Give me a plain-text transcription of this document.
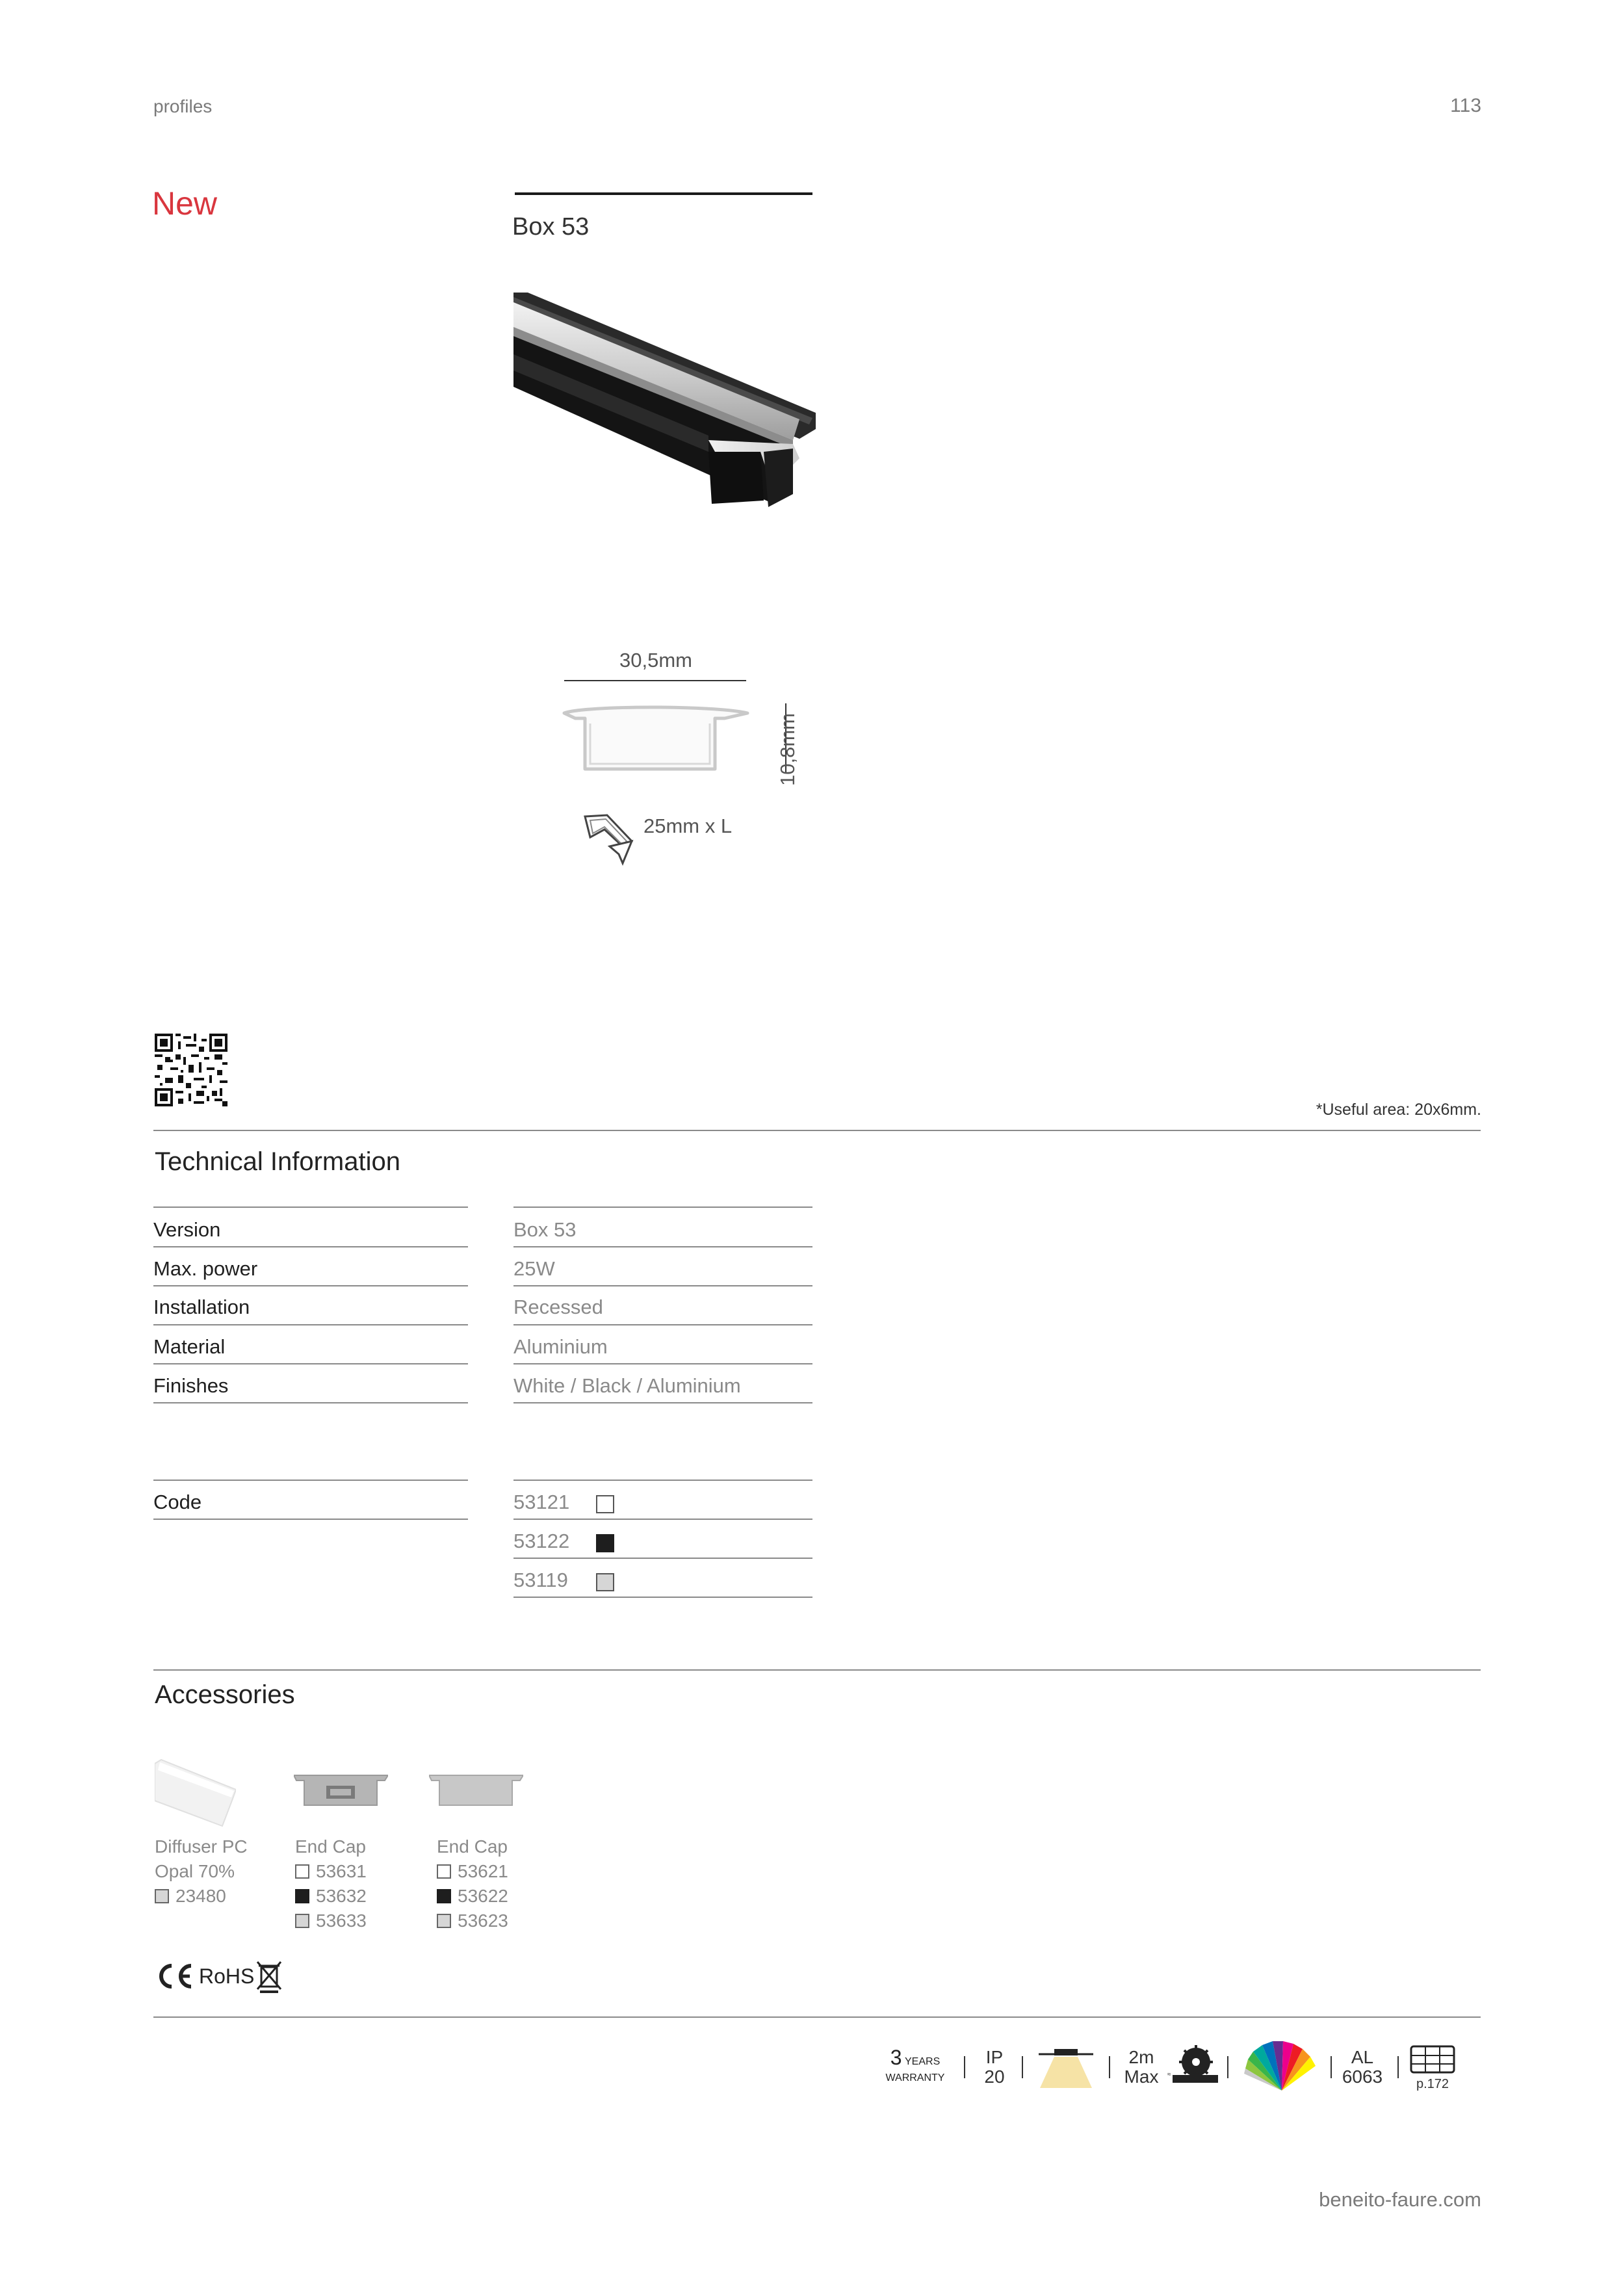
profiles	113
New
Box 53
30,5mm
10,8mm
25mm x L
*Useful area: 20x6mm.
Technical Information
Version	Box 53
Max. power	25W
Installation	Recessed
Material	Aluminium
Finishes	White / Black / Aluminium
Code	53121
53122
53119
Accessories
Diffuser PC
Opal 70%
23480
End Cap
53631
53632
53633
End Cap
53621
53622
53623
RoHS
3 YEARS
WARRANTY
IP
20
2m
Max	≈
AL
6063	p.172
beneito-faure.com
